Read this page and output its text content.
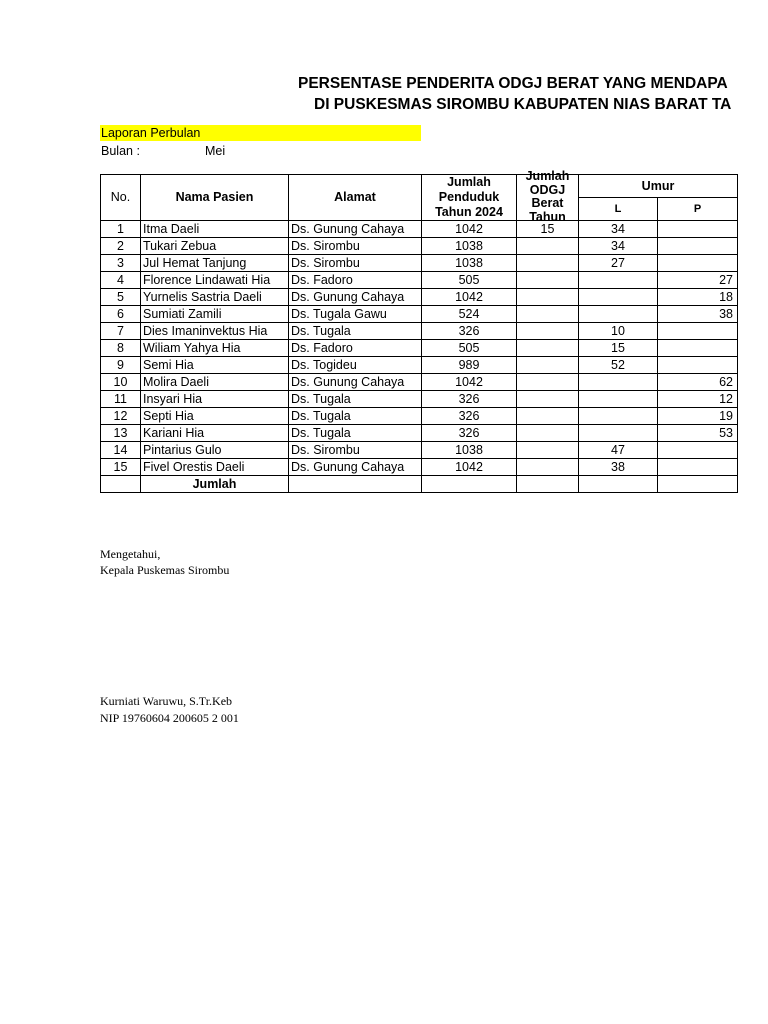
PERSENTASE PENDERITA ODGJ BERAT YANG MENDAPA
DI PUSKESMAS SIROMBU KABUPATEN NIAS BARAT TA
Laporan Perbulan
Bulan :	Mei
No.	Nama Pasien	Alamat	Jumlah Penduduk Tahun 2024	Jumlah ODGJ Berat Tahun	Umur	
					L	P
1	Itma Daeli	Ds. Gunung Cahaya	1042	15	34	
2	Tukari Zebua	Ds. Sirombu	1038		34	
3	Jul Hemat Tanjung	Ds. Sirombu	1038		27	
4	Florence Lindawati Hia	Ds. Fadoro	505			27
5	Yurnelis Sastria Daeli	Ds. Gunung Cahaya	1042			18
6	Sumiati Zamili	Ds. Tugala Gawu	524			38
7	Dies Imaninvektus Hia	Ds. Tugala	326		10	
8	Wiliam Yahya Hia	Ds. Fadoro	505		15	
9	Semi Hia	Ds. Togideu	989		52	
10	Molira Daeli	Ds. Gunung Cahaya	1042			62
11	Insyari Hia	Ds. Tugala	326			12
12	Septi Hia	Ds. Tugala	326			19
13	Kariani Hia	Ds. Tugala	326			53
14	Pintarius Gulo	Ds. Sirombu	1038		47	
15	Fivel Orestis Daeli	Ds. Gunung Cahaya	1042		38	
	Jumlah					
Mengetahui,
Kepala Puskemas Sirombu
Kurniati Waruwu, S.Tr.Keb
NIP 19760604 200605 2 001
